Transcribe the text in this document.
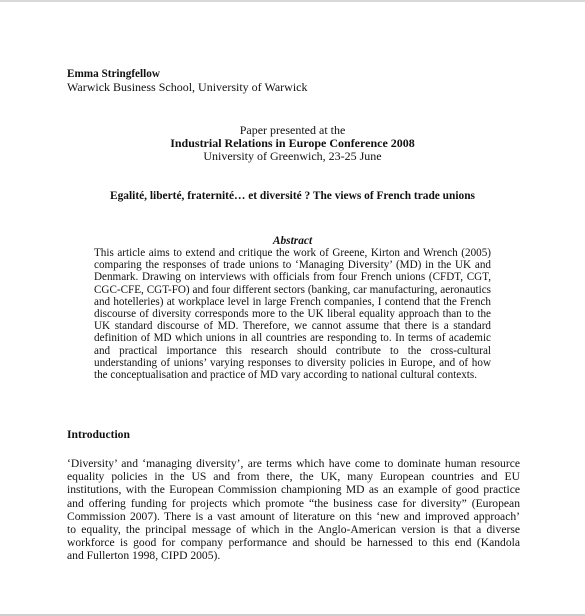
Emma Stringfellow
Warwick Business School, University of Warwick
Paper presented at the
Industrial Relations in Europe Conference 2008
University of Greenwich, 23-25 June
Egalité, liberté, fraternité… et diversité ? The views of French trade unions
Abstract
This article aims to extend and critique the work of Greene, Kirton and Wrench (2005)
comparing the responses of trade unions to ‘Managing Diversity’ (MD) in the UK and
Denmark. Drawing on interviews with officials from four French unions (CFDT, CGT,
CGC-CFE, CGT-FO) and four different sectors (banking, car manufacturing, aeronautics
and hotelleries) at workplace level in large French companies, I contend that the French
discourse of diversity corresponds more to the UK liberal equality approach than to the
UK standard discourse of MD. Therefore, we cannot assume that there is a standard
definition of MD which unions in all countries are responding to. In terms of academic
and practical importance this research should contribute to the cross-cultural
understanding of unions’ varying responses to diversity policies in Europe, and of how
the conceptualisation and practice of MD vary according to national cultural contexts.
Introduction
‘Diversity’ and ‘managing diversity’, are terms which have come to dominate human resource
equality policies in the US and from there, the UK, many European countries and EU
institutions, with the European Commission championing MD as an example of good practice
and offering funding for projects which promote “the business case for diversity” (European
Commission 2007). There is a vast amount of literature on this ‘new and improved approach’
to equality, the principal message of which in the Anglo-American version is that a diverse
workforce is good for company performance and should be harnessed to this end (Kandola
and Fullerton 1998, CIPD 2005).
